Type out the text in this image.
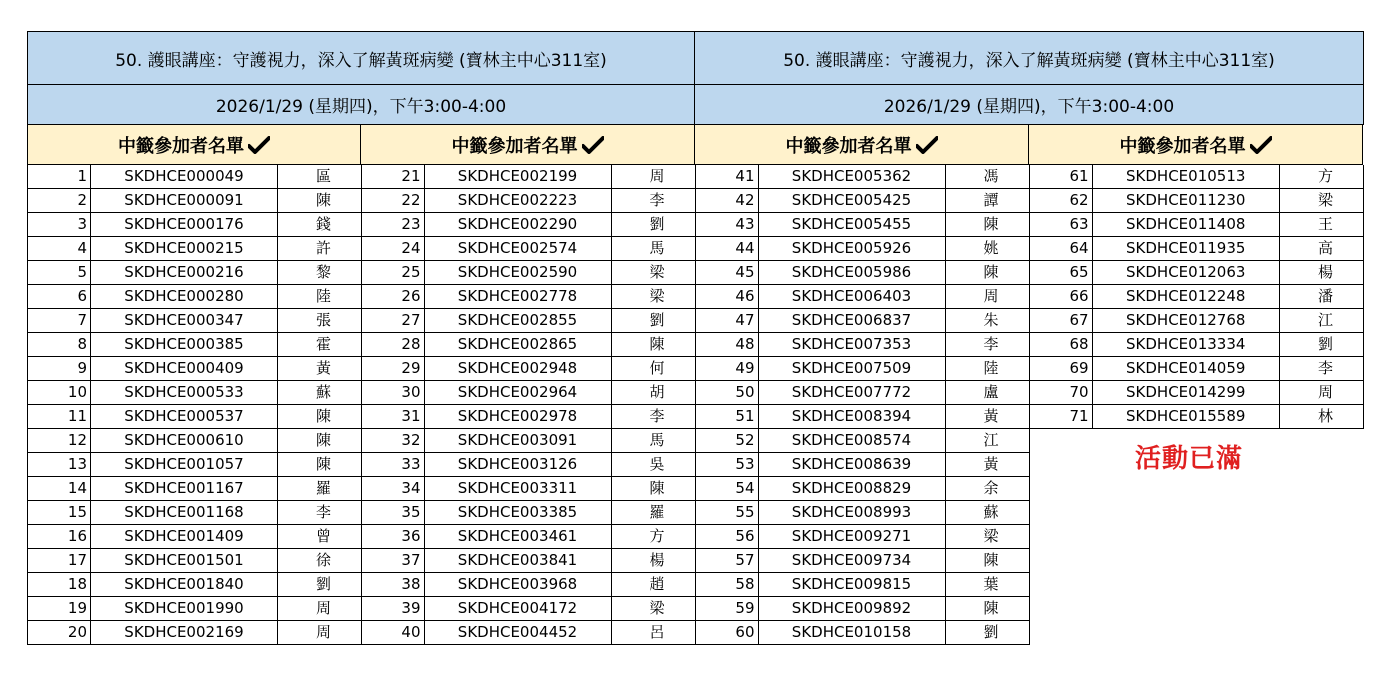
50. 護眼講座：守護視力，深入了解黃斑病變 (寶林主中心311室)
2026/1/29 (星期四)，下午3:00-4:00
中籤參加者名單	中籤參加者名單
50. 護眼講座：守護視力，深入了解黃斑病變 (寶林主中心311室)
2026/1/29 (星期四)，下午3:00-4:00
中籤參加者名單	中籤參加者名單
1	SKDHCE000049	區
2	SKDHCE000091	陳
3	SKDHCE000176	錢
4	SKDHCE000215	許
5	SKDHCE000216	黎
6	SKDHCE000280	陸
7	SKDHCE000347	張
8	SKDHCE000385	霍
9	SKDHCE000409	黃
10	SKDHCE000533	蘇
11	SKDHCE000537	陳
12	SKDHCE000610	陳
13	SKDHCE001057	陳
14	SKDHCE001167	羅
15	SKDHCE001168	李
16	SKDHCE001409	曾
17	SKDHCE001501	徐
18	SKDHCE001840	劉
19	SKDHCE001990	周
20	SKDHCE002169	周
21	SKDHCE002199	周
22	SKDHCE002223	李
23	SKDHCE002290	劉
24	SKDHCE002574	馬
25	SKDHCE002590	梁
26	SKDHCE002778	梁
27	SKDHCE002855	劉
28	SKDHCE002865	陳
29	SKDHCE002948	何
30	SKDHCE002964	胡
31	SKDHCE002978	李
32	SKDHCE003091	馬
33	SKDHCE003126	吳
34	SKDHCE003311	陳
35	SKDHCE003385	羅
36	SKDHCE003461	方
37	SKDHCE003841	楊
38	SKDHCE003968	趙
39	SKDHCE004172	梁
40	SKDHCE004452	呂
41	SKDHCE005362	馮
42	SKDHCE005425	譚
43	SKDHCE005455	陳
44	SKDHCE005926	姚
45	SKDHCE005986	陳
46	SKDHCE006403	周
47	SKDHCE006837	朱
48	SKDHCE007353	李
49	SKDHCE007509	陸
50	SKDHCE007772	盧
51	SKDHCE008394	黃
52	SKDHCE008574	江
53	SKDHCE008639	黃
54	SKDHCE008829	余
55	SKDHCE008993	蘇
56	SKDHCE009271	梁
57	SKDHCE009734	陳
58	SKDHCE009815	葉
59	SKDHCE009892	陳
60	SKDHCE010158	劉
61	SKDHCE010513	方
62	SKDHCE011230	梁
63	SKDHCE011408	王
64	SKDHCE011935	高
65	SKDHCE012063	楊
66	SKDHCE012248	潘
67	SKDHCE012768	江
68	SKDHCE013334	劉
69	SKDHCE014059	李
70	SKDHCE014299	周
71	SKDHCE015589	林
活動已滿
